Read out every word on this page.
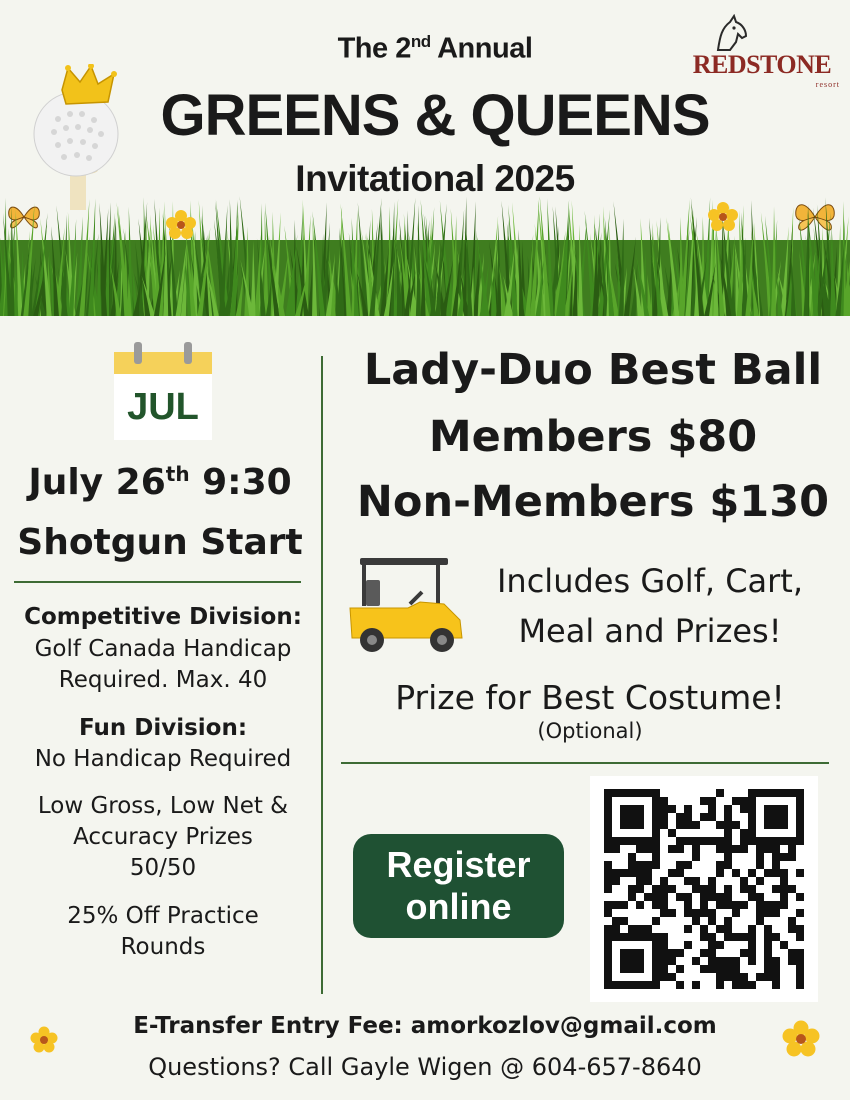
The 2nd Annual
GREENS & QUEENS
Invitational 2025
REDSTONE
resort
JUL
July 26th 9:30
Shotgun Start
Competitive Division:
Golf Canada Handicap
Required. Max. 40
Fun Division:
No Handicap Required
Low Gross, Low Net &
Accuracy Prizes
50/50
25% Off Practice
Rounds
Lady-Duo Best Ball
Members $80
Non-Members $130
Includes Golf, Cart,
Meal and Prizes!
Prize for Best Costume!
(Optional)
Register
online
E-Transfer Entry Fee: amorkozlov@gmail.com
Questions? Call Gayle Wigen @ 604-657-8640
